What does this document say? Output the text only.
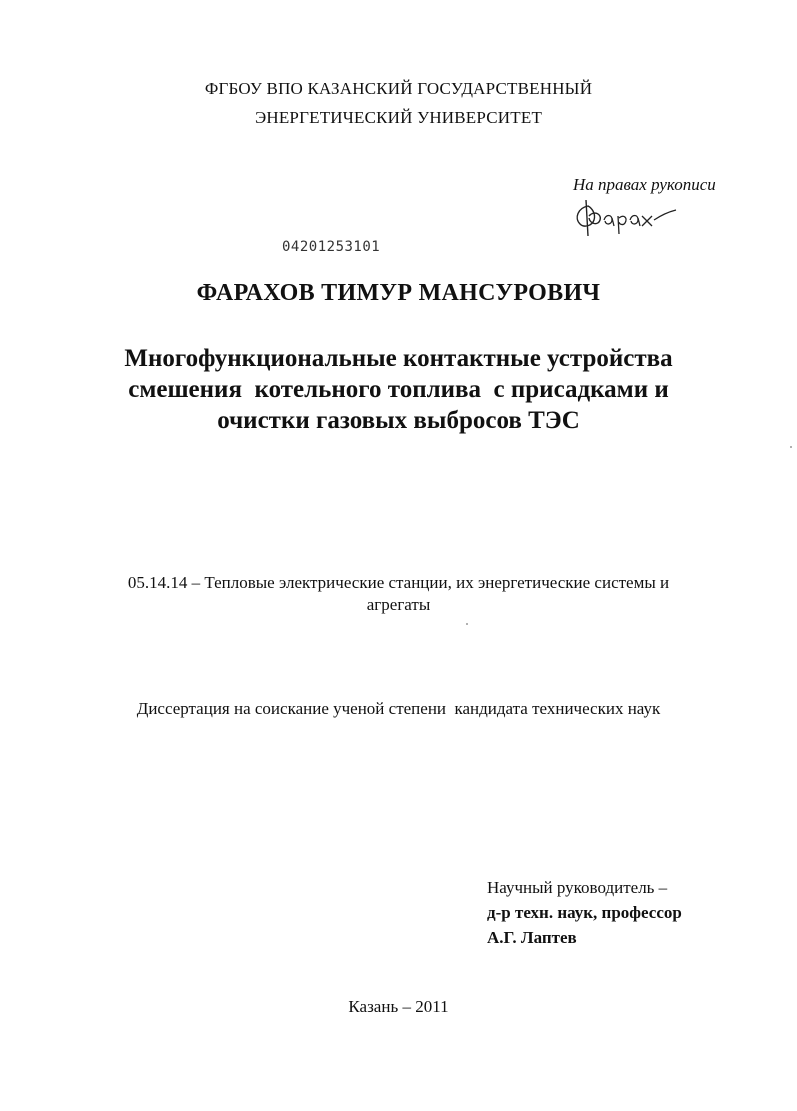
ФГБОУ ВПО КАЗАНСКИЙ ГОСУДАРСТВЕННЫЙ
ЭНЕРГЕТИЧЕСКИЙ УНИВЕРСИТЕТ
На правах рукописи
04201253101
ФАРАХОВ ТИМУР МАНСУРОВИЧ
Многофункциональные контактные устройства
смешения  котельного топлива  с присадками и
очистки газовых выбросов ТЭС
05.14.14 – Тепловые электрические станции, их энергетические системы и
агрегаты
Диссертация на соискание ученой степени  кандидата технических наук
Научный руководитель –
д-р техн. наук, профессор
А.Г. Лаптев
Казань – 2011
